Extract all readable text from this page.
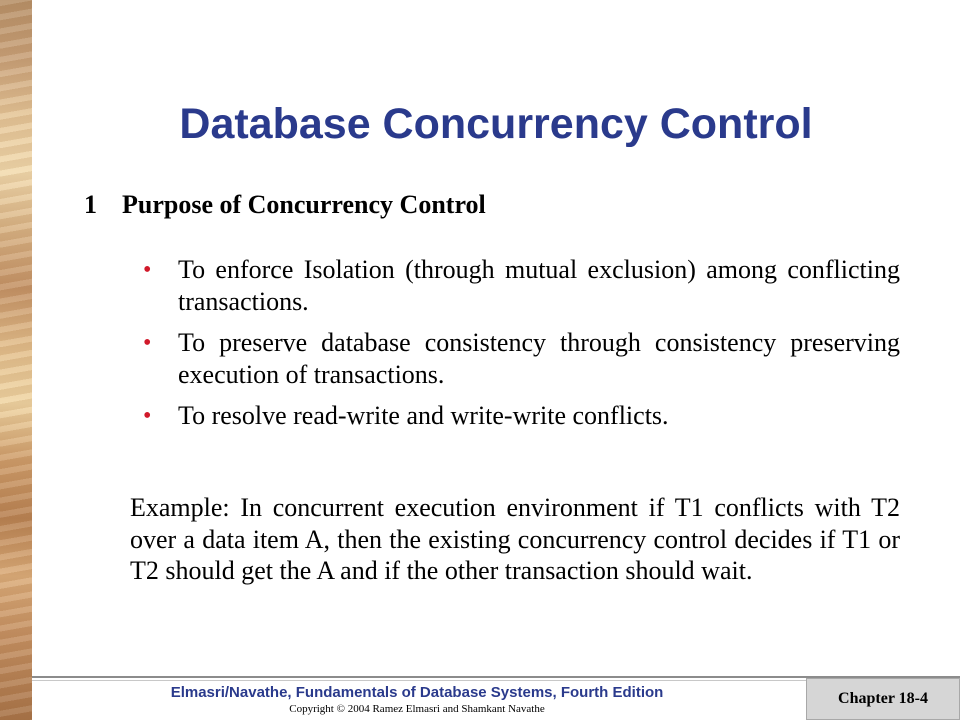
Database Concurrency Control
1 Purpose of Concurrency Control
• To enforce Isolation (through mutual exclusion) among conflicting transactions.
• To preserve database consistency through consistency preserving execution of transactions.
• To resolve read-write and write-write conflicts.

Example: In concurrent execution environment if T1 conflicts with T2 over a data item A, then the existing concurrency control decides if T1 or T2 should get the A and if the other transaction should wait.

Elmasri/Navathe, Fundamentals of Database Systems, Fourth Edition
Copyright © 2004 Ramez Elmasri and Shamkant Navathe
Chapter 18-4
